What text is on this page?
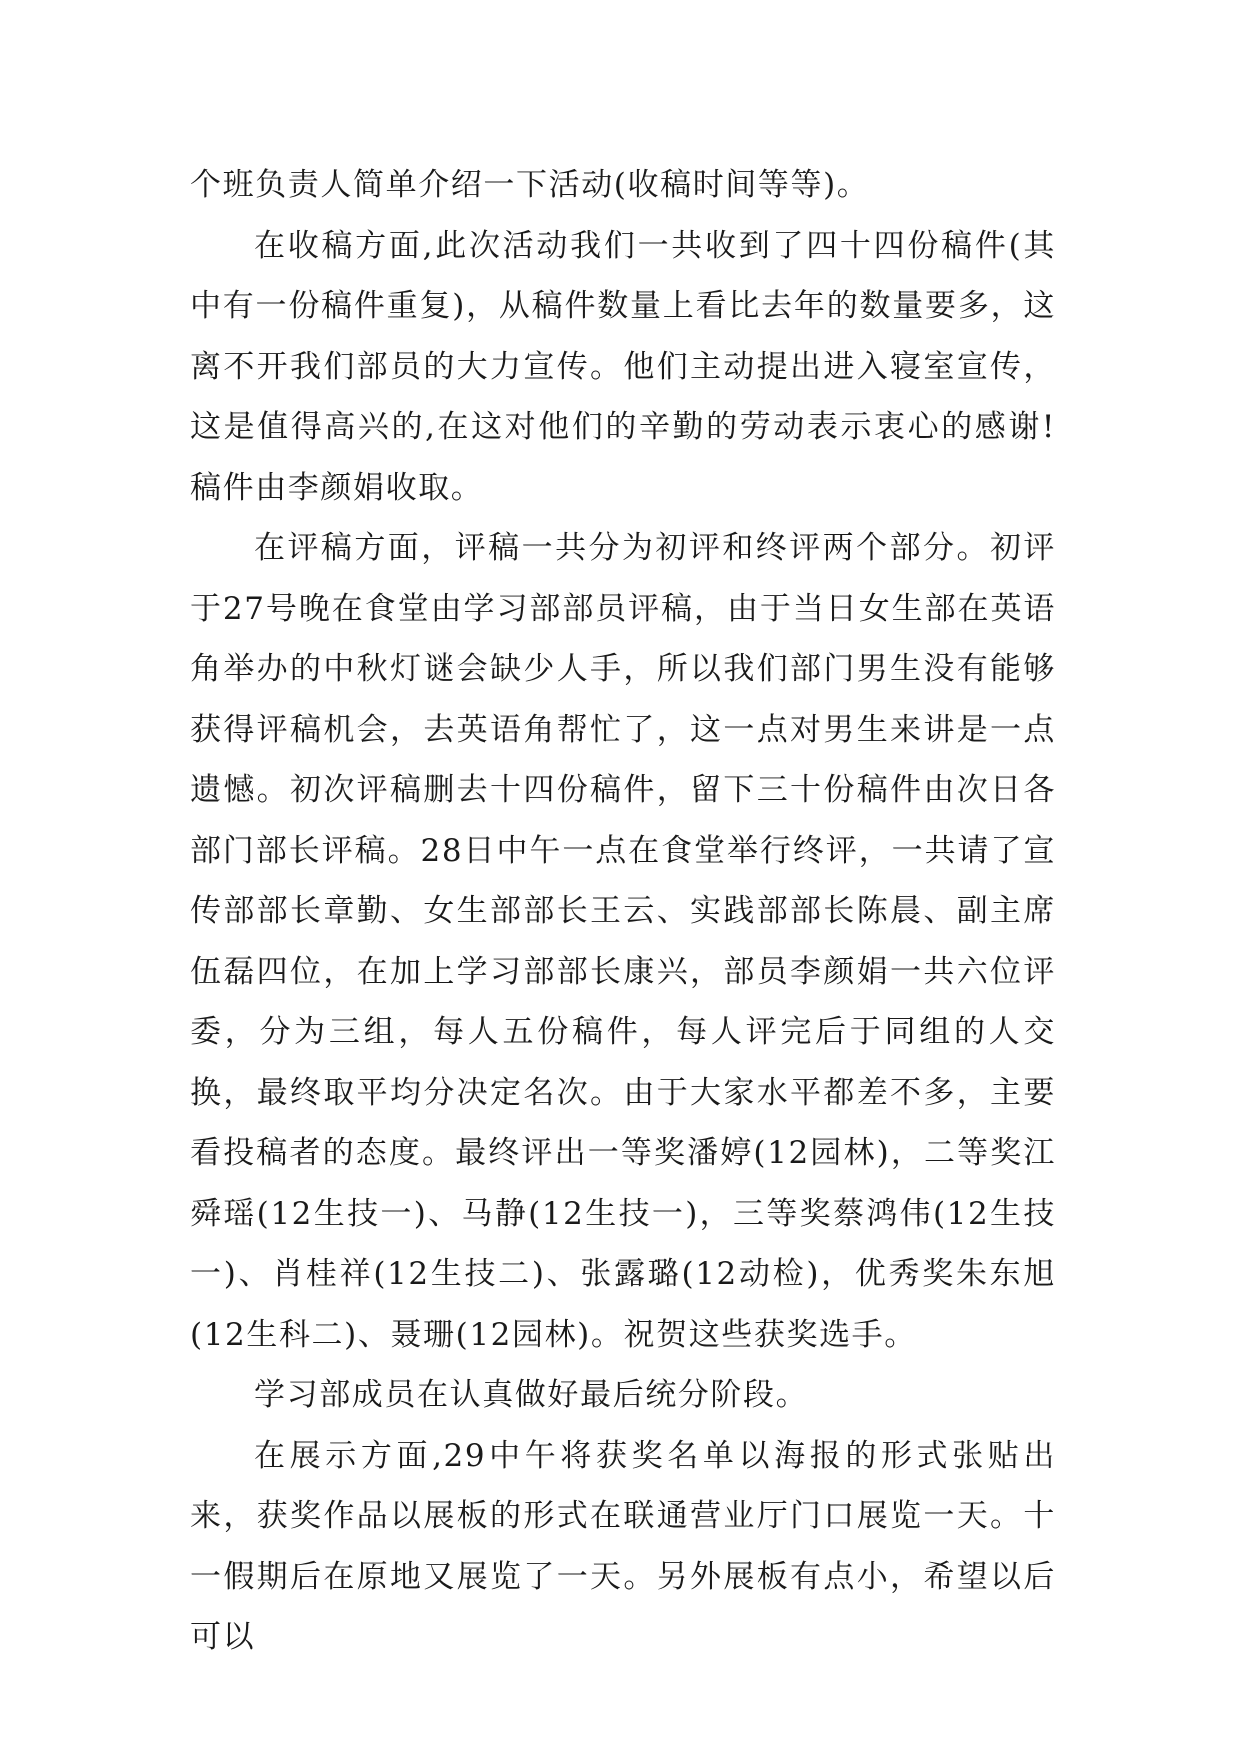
个班负责人简单介绍一下活动(收稿时间等等)。

在收稿方面,此次活动我们一共收到了四十四份稿件(其中有一份稿件重复)，从稿件数量上看比去年的数量要多，这离不开我们部员的大力宣传。他们主动提出进入寝室宣传，这是值得高兴的,在这对他们的辛勤的劳动表示衷心的感谢!稿件由李颜娟收取。

在评稿方面，评稿一共分为初评和终评两个部分。初评于27号晚在食堂由学习部部员评稿，由于当日女生部在英语角举办的中秋灯谜会缺少人手，所以我们部门男生没有能够获得评稿机会，去英语角帮忙了，这一点对男生来讲是一点遗憾。初次评稿删去十四份稿件，留下三十份稿件由次日各部门部长评稿。28日中午一点在食堂举行终评，一共请了宣传部部长章勤、女生部部长王云、实践部部长陈晨、副主席伍磊四位，在加上学习部部长康兴，部员李颜娟一共六位评委，分为三组，每人五份稿件，每人评完后于同组的人交换，最终取平均分决定名次。由于大家水平都差不多，主要看投稿者的态度。最终评出一等奖潘婷(12园林)，二等奖江舜瑶(12生技一)、马静(12生技一)，三等奖蔡鸿伟(12生技一)、肖桂祥(12生技二)、张露璐(12动检)，优秀奖朱东旭(12生科二)、聂珊(12园林)。祝贺这些获奖选手。

学习部成员在认真做好最后统分阶段。

在展示方面,29中午将获奖名单以海报的形式张贴出来，获奖作品以展板的形式在联通营业厅门口展览一天。十一假期后在原地又展览了一天。另外展板有点小，希望以后可以
